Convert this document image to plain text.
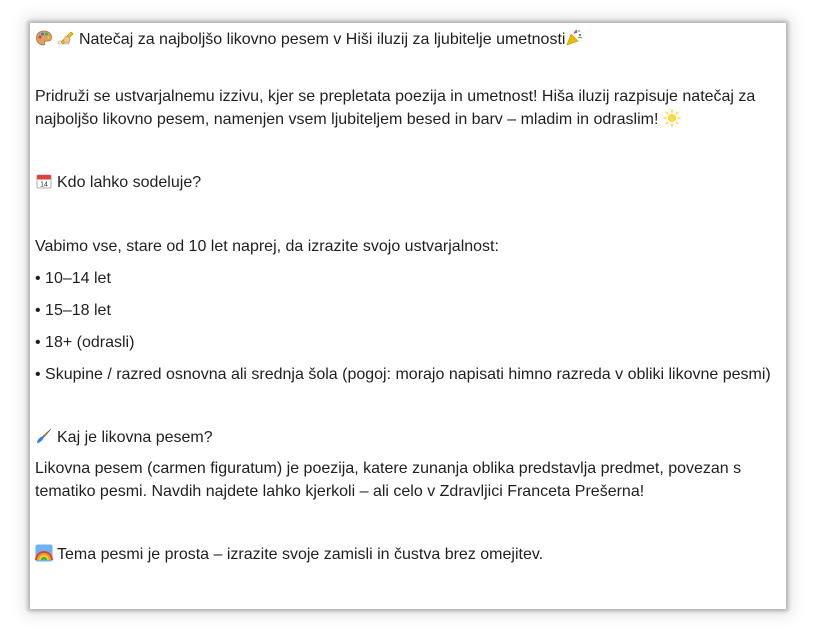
Natečaj za najboljšo likovno pesem v Hiši iluzij za ljubitelje umetnosti

Pridruži se ustvarjalnemu izzivu, kjer se prepletata poezija in umetnost! Hiša iluzij razpisuje natečaj za najboljšo likovno pesem, namenjen vsem ljubiteljem besed in barv – mladim in odraslim!

14 Kdo lahko sodeluje?

Vabimo vse, stare od 10 let naprej, da izrazite svojo ustvarjalnost:

• 10–14 let

• 15–18 let

• 18+ (odrasli)

• Skupine / razred osnovna ali srednja šola (pogoj: morajo napisati himno razreda v obliki likovne pesmi)

Kaj je likovna pesem?

Likovna pesem (carmen figuratum) je poezija, katere zunanja oblika predstavlja predmet, povezan s tematiko pesmi. Navdih najdete lahko kjerkoli – ali celo v Zdravljici Franceta Prešerna!

Tema pesmi je prosta – izrazite svoje zamisli in čustva brez omejitev.
